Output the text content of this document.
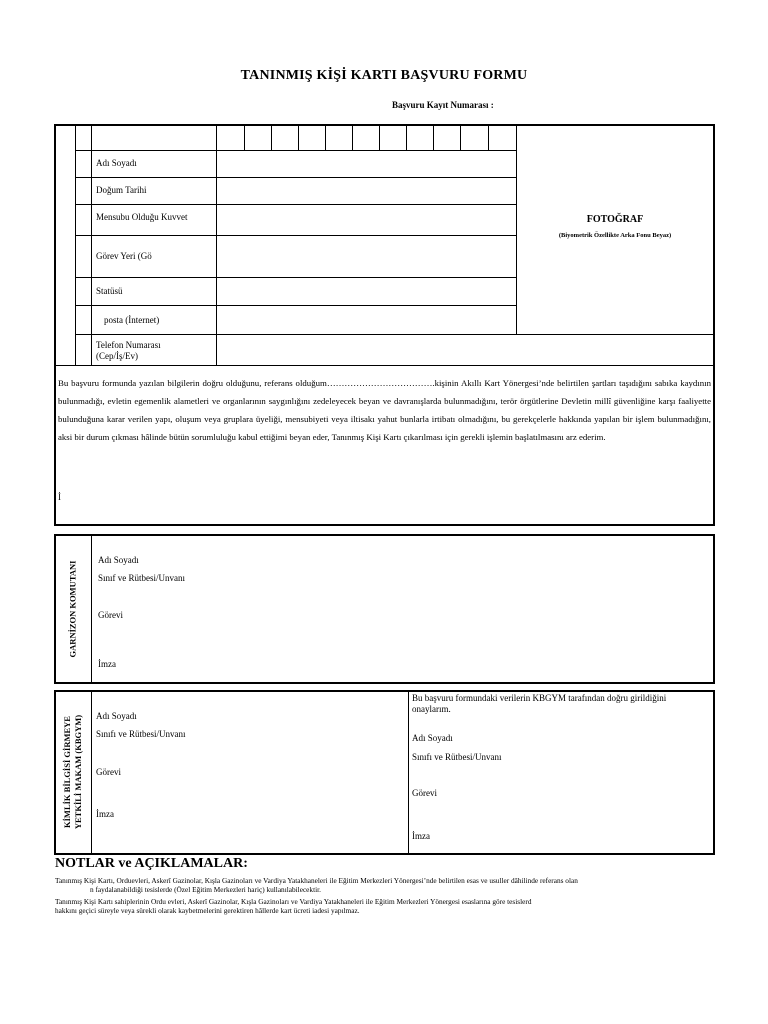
TANINMIŞ KİŞİ KARTI BAŞVURU FORMU
Başvuru Kayıt Numarası :
Adı Soyadı
Doğum Tarihi
Mensubu Olduğu Kuvvet
Görev Yeri (Gö
Statüsü
posta (İnternet)
Telefon Numarası
(Cep/İş/Ev)
FOTOĞRAF
(Biyometrik Özellikte Arka Fonu Beyaz)
Bu başvuru formunda yazılan bilgilerin doğru olduğunu, referans olduğum……………………………….kişinin Akıllı Kart Yönergesi’nde belirtilen şartları taşıdığını sabıka kaydının bulunmadığı, evletin egemenlik alametleri ve organlarının saygınlığını zedeleyecek beyan ve davranışlarda bulunmadığını, terör örgütlerine Devletin millî güvenliğine karşı faaliyette bulunduğuna karar verilen yapı, oluşum veya gruplara üyeliği, mensubiyeti veya iltisakı yahut bunlarla irtibatı olmadığını, bu gerekçelerle hakkında yapılan bir işlem bulunmadığını, aksi bir durum çıkması hâlinde bütün sorumluluğu kabul ettiğimi beyan eder, Tanınmış Kişi Kartı çıkarılması için gerekli işlemin başlatılmasını arz ederim.
İ
GARNİZON KOMUTANI
Adı Soyadı
Sınıf ve Rütbesi/Unvanı
Görevi
İmza
KİMLİK BİLGİSİ GİRMEYE YETKİLİ MAKAM (KBGYM) Adı Soyadı
Sınıfı ve Rütbesi/Unvanı
Görevi
İmza
Bu başvuru formundaki verilerin KBGYM tarafından doğru girildiğini
onaylarım.
Adı Soyadı
Sınıfı ve Rütbesi/Unvanı
Görevi
İmza
NOTLAR ve AÇIKLAMALAR:
Tanınmış Kişi Kartı, Orduevleri, Askerî Gazinolar, Kışla Gazinoları ve Vardiya Yatakhaneleri ile Eğitim Merkezleri Yönergesi’nde belirtilen esas ve usuller dâhilinde referans olan
n faydalanabildiği tesislerde (Özel Eğitim Merkezleri hariç) kullanılabilecektir.
Tanınmış Kişi Kartı sahiplerinin Ordu evleri, Askerî Gazinolar, Kışla Gazinoları ve Vardiya Yatakhaneleri ile Eğitim Merkezleri Yönergesi esaslarına göre tesislerd
hakkını geçici süreyle veya sürekli olarak kaybetmelerini gerektiren hâllerde kart ücreti iadesi yapılmaz.
